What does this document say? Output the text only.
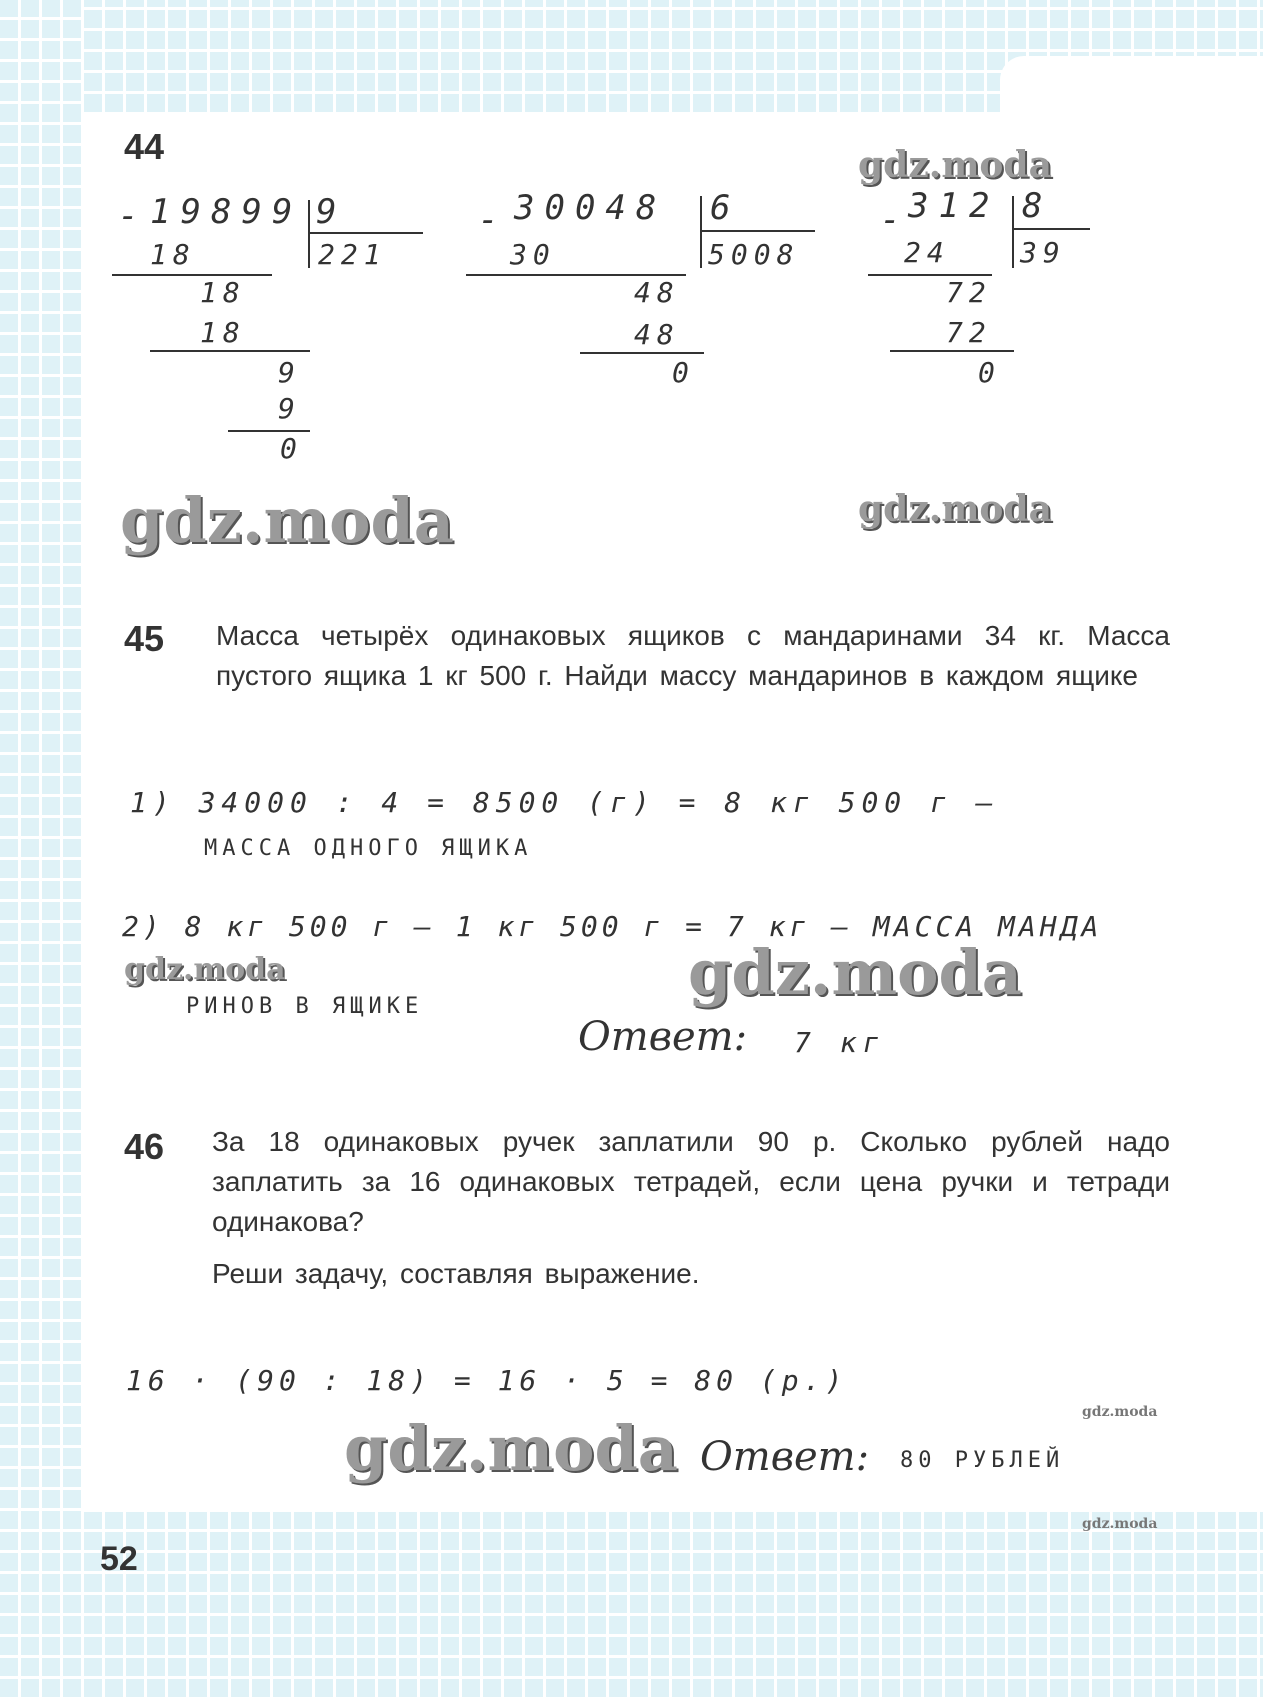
44
- 19899 9
221
18
18
18
9
9
0
- 30048 6
5008
30
48
48
0
-
312 8
39
24
72
72
0
45 Масса четырёх одинаковых ящиков с мандаринами 34 кг. Масса пустого ящика 1 кг 500 г. Найди массу мандаринов в каждом ящике

1) 34000 : 4 = 8500 (г) = 8 кг 500 г –
МАССА ОДНОГО ЯЩИКА
2) 8 кг 500 г – 1 кг 500 г = 7 кг – МАССА МАНДА
РИНОВ В ЯЩИКЕ
Ответ: 7 кг
46 За 18 одинаковых ручек заплатили 90 р. Сколько рублей надо заплатить за 16 одинаковых тетрадей, если цена ручки и тетради одинакова?

Реши задачу, составляя выражение.

16 · (90 : 18) = 16 · 5 = 80 (р.)
Ответ: 80 РУБЛЕЙ
gdz.moda
gdz.moda	gdz.moda
gdz.moda	gdz.moda
gdz.moda
gdz.moda
gdz.moda
52
